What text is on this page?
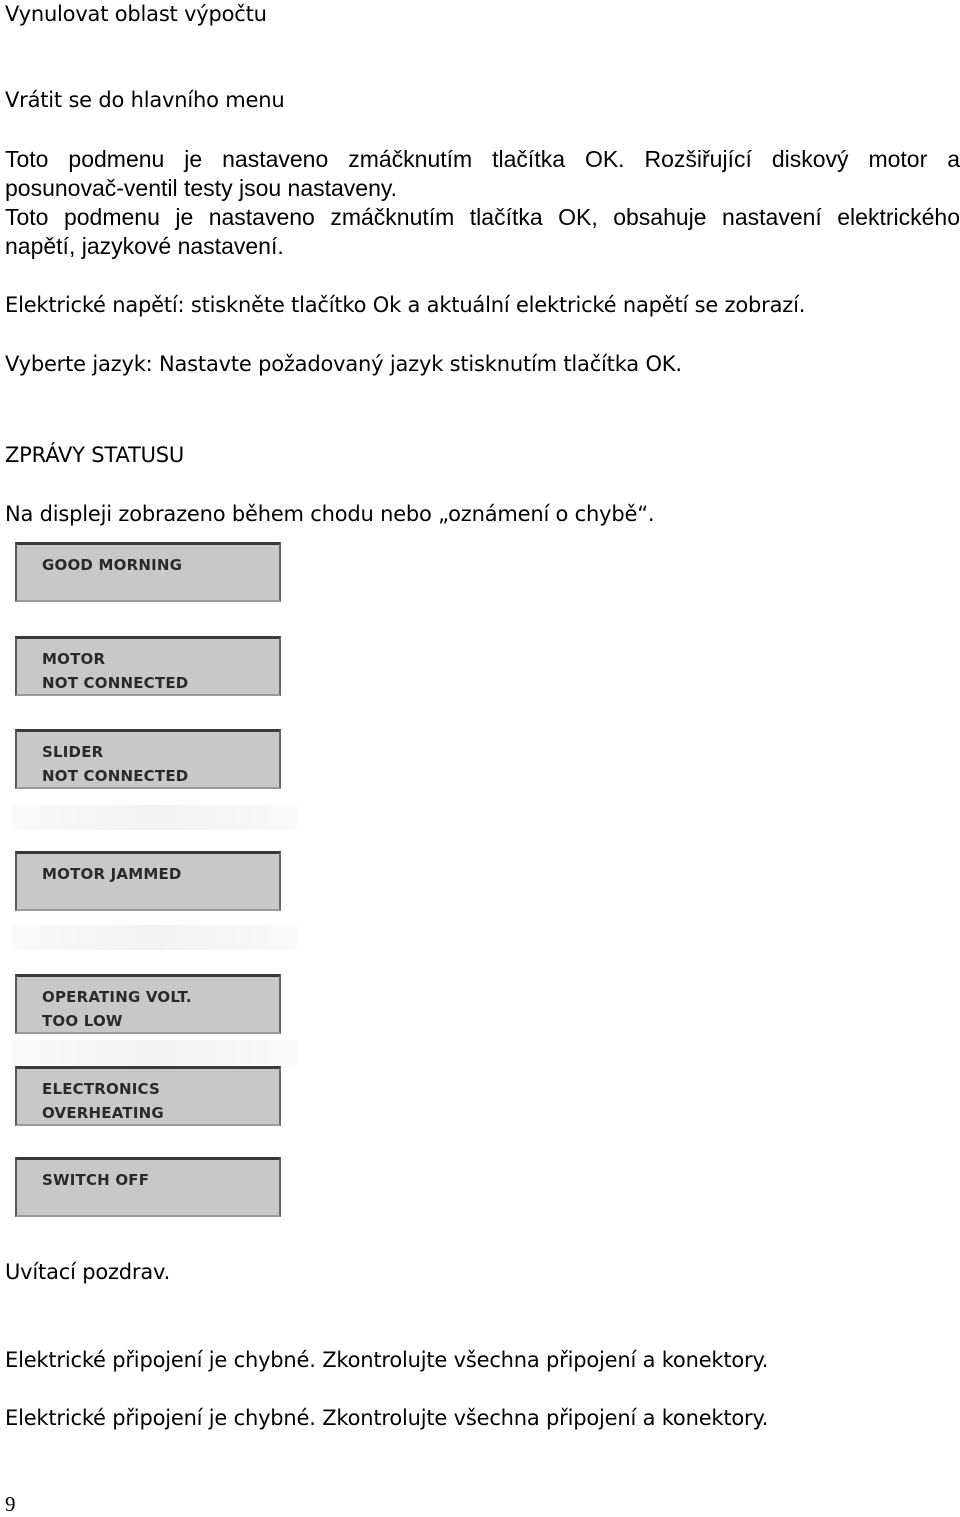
Vynulovat oblast výpočtu
Vrátit se do hlavního menu
Toto podmenu je nastaveno zmáčknutím tlačítka OK. Rozšiřující diskový motor a
posunovač-ventil testy jsou nastaveny.
Toto podmenu je nastaveno zmáčknutím tlačítka OK, obsahuje nastavení elektrického
napětí, jazykové nastavení.
Elektrické napětí: stiskněte tlačítko Ok a aktuální elektrické napětí se zobrazí.
Vyberte jazyk: Nastavte požadovaný jazyk stisknutím tlačítka OK.
ZPRÁVY STATUSU
Na displeji zobrazeno během chodu nebo „oznámení o chybě“.
GOOD MORNING
MOTOR
NOT CONNECTED
SLIDER
NOT CONNECTED
MOTOR JAMMED
OPERATING VOLT.
TOO LOW
ELECTRONICS
OVERHEATING
SWITCH OFF
Uvítací pozdrav.
Elektrické připojení je chybné. Zkontrolujte všechna připojení a konektory.
Elektrické připojení je chybné. Zkontrolujte všechna připojení a konektory.
9
